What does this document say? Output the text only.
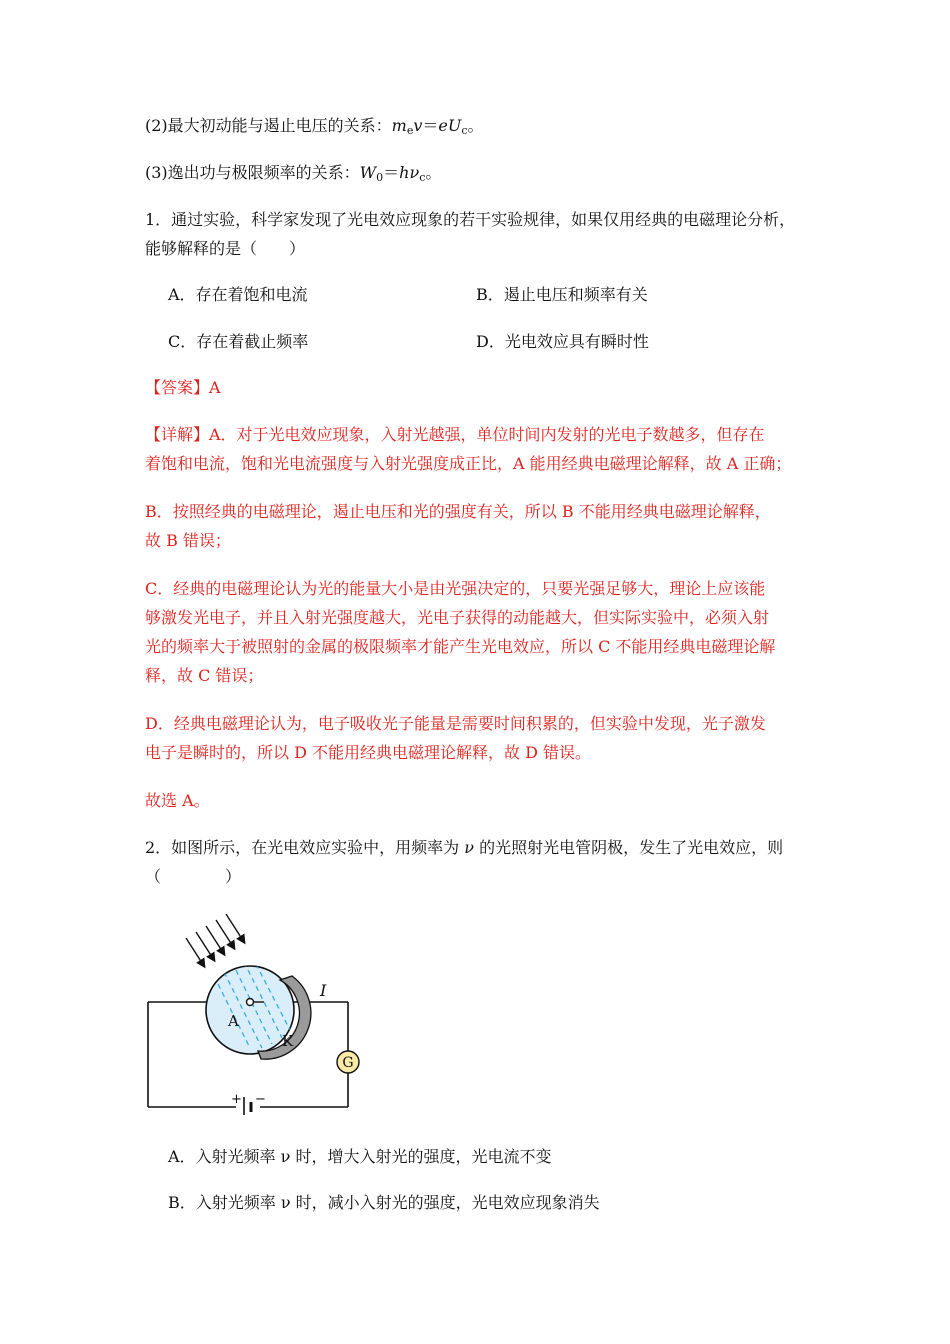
(2)最大初动能与遏止电压的关系：$m_ev=eU_c$。
(3)逸出功与极限频率的关系：$W_0=h\nu_c$。
1．通过实验，科学家发现了光电效应现象的若干实验规律，如果仅用经典的电磁理论分析，
能够解释的是（　　）
A．存在着饱和电流	B．遏止电压和频率有关
C．存在着截止频率	D．光电效应具有瞬时性
【答案】A
【详解】A．对于光电效应现象，入射光越强，单位时间内发射的光电子数越多，但存在
着饱和电流，饱和光电流强度与入射光强度成正比，A 能用经典电磁理论解释，故 A 正确；
B．按照经典的电磁理论，遏止电压和光的强度有关，所以 B 不能用经典电磁理论解释，
故 B 错误；
C．经典的电磁理论认为光的能量大小是由光强决定的，只要光强足够大，理论上应该能
够激发光电子，并且入射光强度越大，光电子获得的动能越大，但实际实验中，必须入射
光的频率大于被照射的金属的极限频率才能产生光电效应，所以 C 不能用经典电磁理论解
释，故 C 错误；
D．经典电磁理论认为，电子吸收光子能量是需要时间积累的，但实验中发现，光子激发
电子是瞬时的，所以 D 不能用经典电磁理论解释，故 D 错误。
故选 A。
2．如图所示，在光电效应实验中，用频率为 ν 的光照射光电管阴极，发生了光电效应，则
（　　　　）
G
+ −
A
K
I
A．入射光频率 ν 时，增大入射光的强度，光电流不变
B．入射光频率 ν 时，减小入射光的强度，光电效应现象消失
